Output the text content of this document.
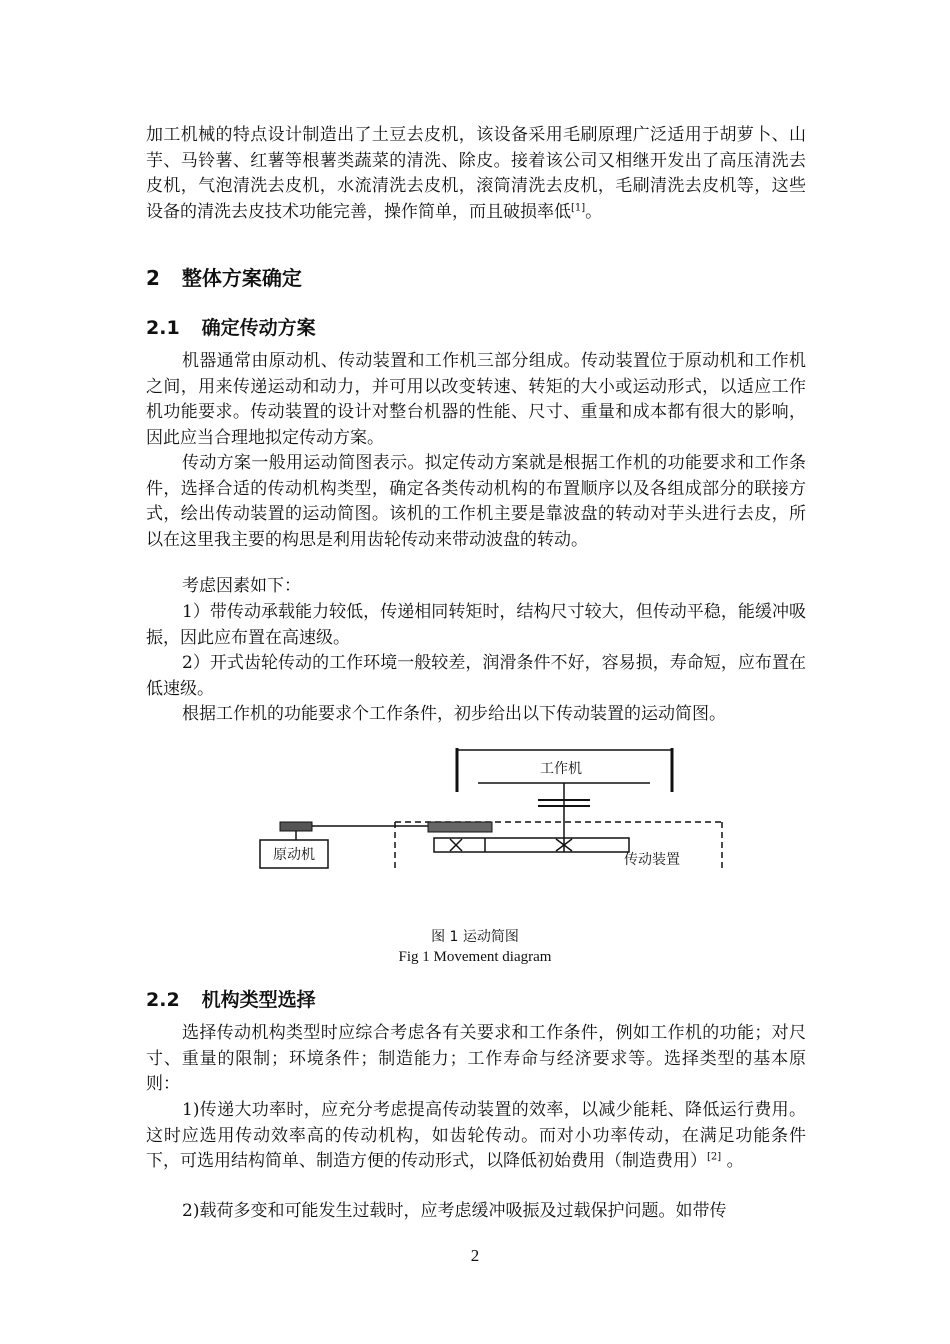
加工机械的特点设计制造出了土豆去皮机，该设备采用毛刷原理广泛适用于胡萝卜、山芋、马铃薯、红薯等根薯类蔬菜的清洗、除皮。接着该公司又相继开发出了高压清洗去皮机，气泡清洗去皮机，水流清洗去皮机，滚筒清洗去皮机，毛刷清洗去皮机等，这些设备的清洗去皮技术功能完善，操作简单，而且破损率低[1]。

2 整体方案确定
2.1 确定传动方案

机器通常由原动机、传动装置和工作机三部分组成。传动装置位于原动机和工作机之间，用来传递运动和动力，并可用以改变转速、转矩的大小或运动形式，以适应工作机功能要求。传动装置的设计对整台机器的性能、尺寸、重量和成本都有很大的影响，因此应当合理地拟定传动方案。

传动方案一般用运动简图表示。拟定传动方案就是根据工作机的功能要求和工作条件，选择合适的传动机构类型，确定各类传动机构的布置顺序以及各组成部分的联接方式，绘出传动装置的运动简图。该机的工作机主要是靠波盘的转动对芋头进行去皮，所以在这里我主要的构思是利用齿轮传动来带动波盘的转动。

考虑因素如下：

1）带传动承载能力较低，传递相同转矩时，结构尺寸较大，但传动平稳，能缓冲吸振，因此应布置在高速级。

2）开式齿轮传动的工作环境一般较差，润滑条件不好，容易损，寿命短，应布置在低速级。

根据工作机的功能要求个工作条件，初步给出以下传动装置的运动简图。

工作机
传动装置
原动机

图 1 运动简图

Fig 1 Movement diagram

2.2 机构类型选择

选择传动机构类型时应综合考虑各有关要求和工作条件，例如工作机的功能；对尺寸、重量的限制；环境条件；制造能力；工作寿命与经济要求等。选择类型的基本原则：

1)传递大功率时，应充分考虑提高传动装置的效率，以减少能耗、降低运行费用。这时应选用传动效率高的传动机构，如齿轮传动。而对小功率传动，在满足功能条件下，可选用结构简单、制造方便的传动形式，以降低初始费用（制造费用）[2] 。

2)载荷多变和可能发生过载时，应考虑缓冲吸振及过载保护问题。如带传

2
